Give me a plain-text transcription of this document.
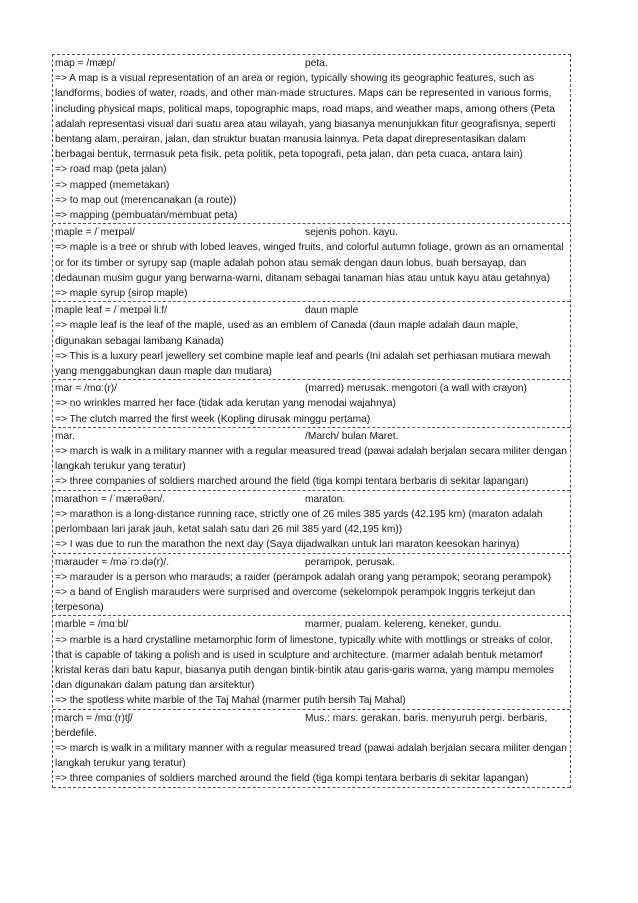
map = /mæp/	peta.
=> A map is a visual representation of an area or region, typically showing its geographic features, such as landforms, bodies of water, roads, and other man-made structures. Maps can be represented in various forms, including physical maps, political maps, topographic maps, road maps, and weather maps, among others (Peta adalah representasi visual dari suatu area atau wilayah, yang biasanya menunjukkan fitur geografisnya, seperti bentang alam, perairan, jalan, dan struktur buatan manusia lainnya. Peta dapat direpresentasikan dalam berbagai bentuk, termasuk peta fisik, peta politik, peta topografi, peta jalan, dan peta cuaca, antara lain)
=> road map (peta jalan)
=> mapped (memetakan)
=> to map out (merencanakan (a route))
=> mapping (pembuatan/membuat peta)
maple = /ˈmeɪpəl/	sejenis pohon. kayu.
=> maple is a tree or shrub with lobed leaves, winged fruits, and colorful autumn foliage, grown as an ornamental or for its timber or syrupy sap (maple adalah pohon atau semak dengan daun lobus, buah bersayap, dan dedaunan musim gugur yang berwarna-warni, ditanam sebagai tanaman hias atau untuk kayu atau getahnya)
=> maple syrup (sirop maple)
maple leaf = /ˈmeɪpəl liːf/	daun maple
=> maple leaf is the leaf of the maple, used as an emblem of Canada (daun maple adalah daun maple, digunakan sebagai lambang Kanada)
=> This is a luxury pearl jewellery set combine maple leaf and pearls (Ini adalah set perhiasan mutiara mewah yang menggabungkan daun maple dan mutiara)
mar = /mɑː(r)/	(marred) merusak. mengotori (a wall with crayon)
=> no wrinkles marred her face (tidak ada kerutan yang menodai wajahnya)
=> The clutch marred the first week (Kopling dirusak minggu pertama)
mar.	/March/ bulan Maret.
=> march is walk in a military manner with a regular measured tread (pawai adalah berjalan secara militer dengan langkah terukur yang teratur)
=> three companies of soldiers marched around the field (tiga kompi tentara berbaris di sekitar lapangan)
marathon = /ˈmærəθən/.	maraton.
=> marathon is a long-distance running race, strictly one of 26 miles 385 yards (42.195 km) (maraton adalah perlombaan lari jarak jauh, ketat salah satu dari 26 mil 385 yard (42,195 km))
=> I was due to run the marathon the next day (Saya dijadwalkan untuk lari maraton keesokan harinya)
marauder = /məˈrɔːdə(r)/.	perampok, perusak.
=> marauder is a person who marauds; a raider (perampok adalah orang yang perampok; seorang perampok)
=> a band of English marauders were surprised and overcome (sekelompok perampok Inggris terkejut dan terpesona)
marble = /mɑːbl/	marmer, pualam. kelereng, keneker, gundu.
=> marble is a hard crystalline metamorphic form of limestone, typically white with mottlings or streaks of color, that is capable of taking a polish and is used in sculpture and architecture. (marmer adalah bentuk metamorf kristal keras dari batu kapur, biasanya putih dengan bintik-bintik atau garis-garis warna, yang mampu memoles dan digunakan dalam patung dan arsitektur)
=> the spotless white marble of the Taj Mahal (marmer putih bersih Taj Mahal)
march = /mɑː(r)tʃ/	Mus.: mars. gerakan. baris. menyuruh pergi. berbaris, berdefile.
=> march is walk in a military manner with a regular measured tread (pawai adalah berjalan secara militer dengan langkah terukur yang teratur)
=> three companies of soldiers marched around the field (tiga kompi tentara berbaris di sekitar lapangan)
